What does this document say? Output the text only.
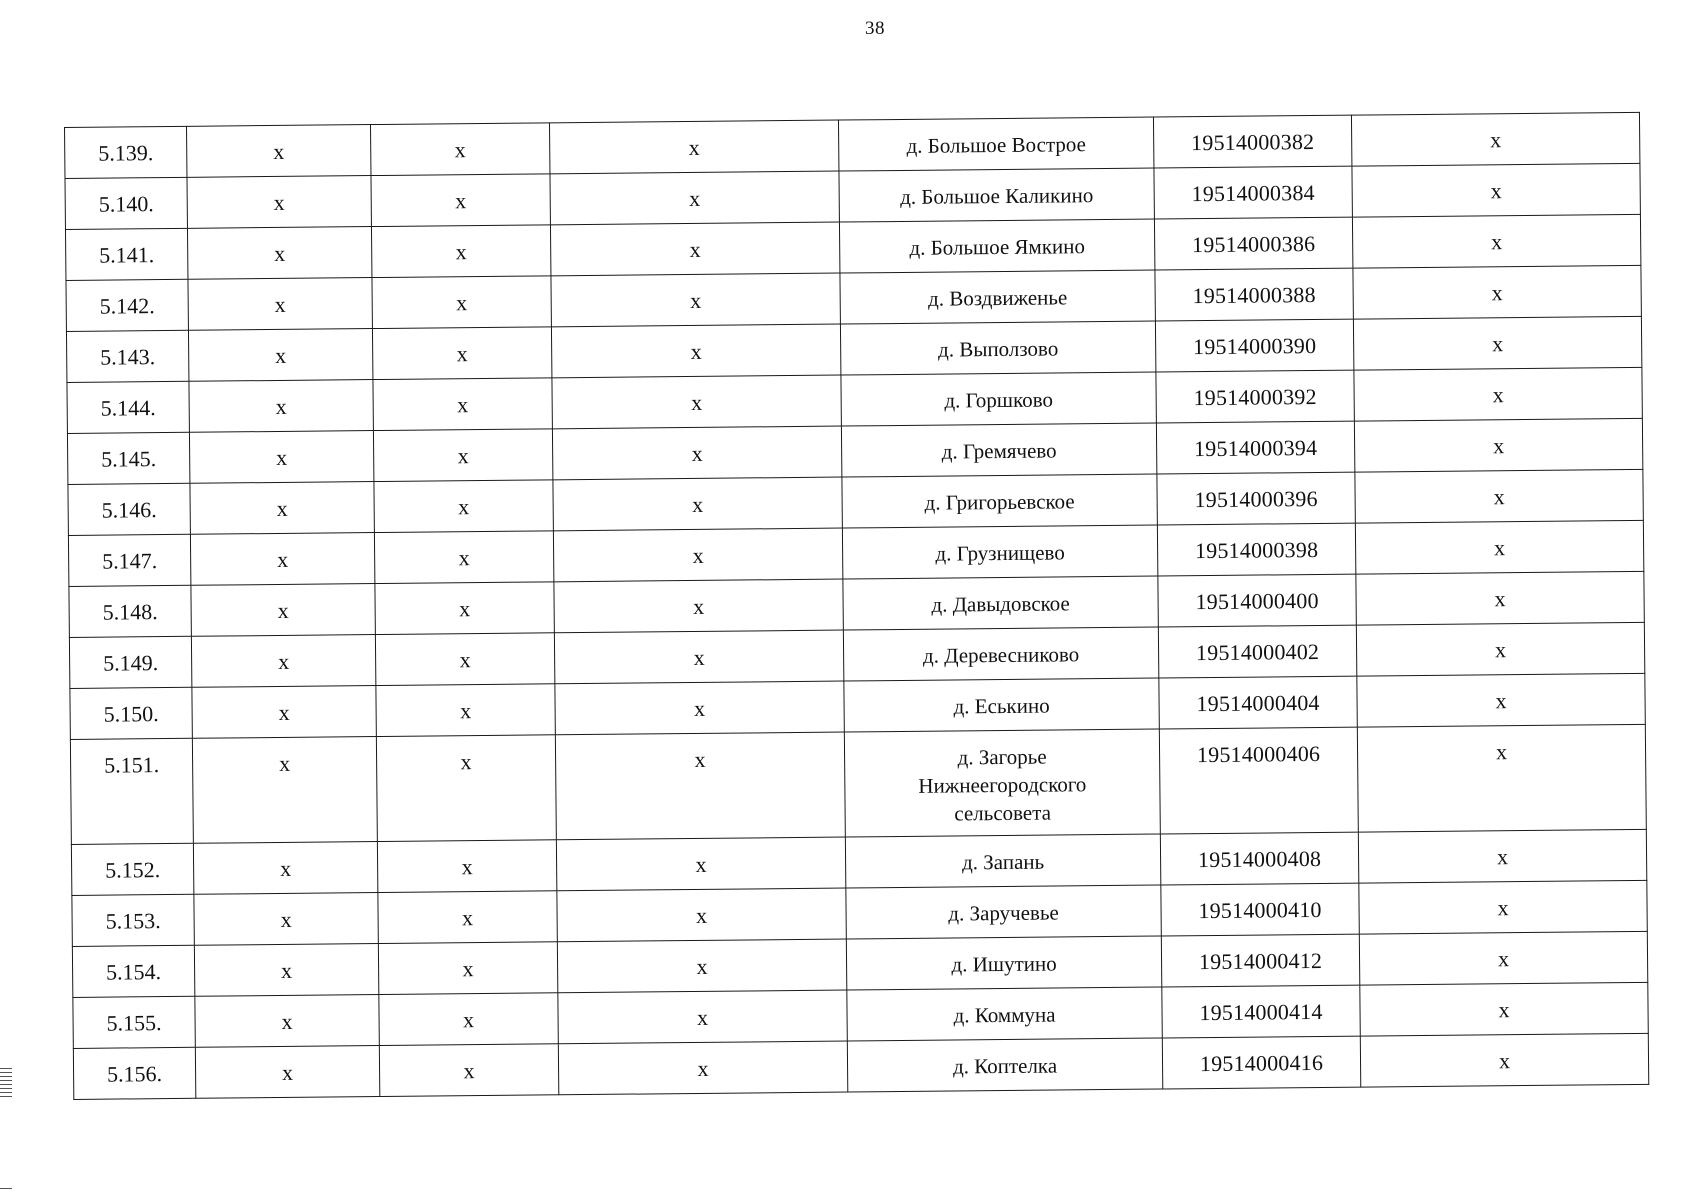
38
5.139.	x	x	x	д. Большое Вострое	19514000382	x
5.140.	x	x	x	д. Большое Каликино	19514000384	x
5.141.	x	x	x	д. Большое Ямкино	19514000386	x
5.142.	x	x	x	д. Воздвиженье	19514000388	x
5.143.	x	x	x	д. Выползово	19514000390	x
5.144.	x	x	x	д. Горшково	19514000392	x
5.145.	x	x	x	д. Гремячево	19514000394	x
5.146.	x	x	x	д. Григорьевское	19514000396	x
5.147.	x	x	x	д. Грузнищево	19514000398	x
5.148.	x	x	x	д. Давыдовское	19514000400	x
5.149.	x	x	x	д. Деревесниково	19514000402	x
5.150.	x	x	x	д. Еськино	19514000404	x
5.151.	x	x	x	д. Загорье
Нижнеегородского
сельсовета	19514000406	x
5.152.	x	x	x	д. Запань	19514000408	x
5.153.	x	x	x	д. Заручевье	19514000410	x
5.154.	x	x	x	д. Ишутино	19514000412	x
5.155.	x	x	x	д. Коммуна	19514000414	x
5.156.	x	x	x	д. Коптелка	19514000416	x
